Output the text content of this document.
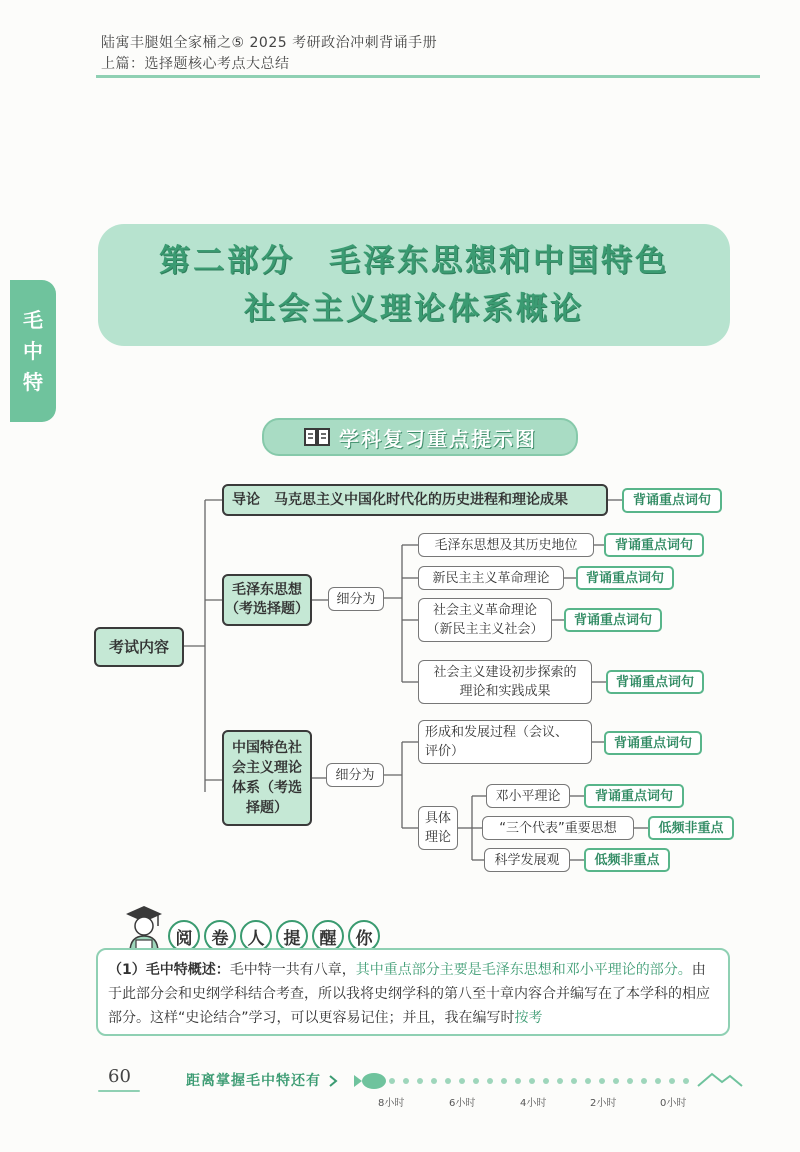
陆寓丰腿姐全家桶之⑤ 2025 考研政治冲刺背诵手册
上篇：选择题核心考点大总结
毛
中
特
第二部分　毛泽东思想和中国特色
社会主义理论体系概论
学科复习重点提示图
考试内容
导论　马克思主义中国化时代化的历史进程和理论成果	背诵重点词句
毛泽东思想
（考选择题）
细分为
毛泽东思想及其历史地位	背诵重点词句
新民主主义革命理论	背诵重点词句
社会主义革命理论
（新民主主义社会）
背诵重点词句
社会主义建设初步探索的
理论和实践成果
背诵重点词句
中国特色社
会主义理论
体系（考选
择题）
细分为
形成和发展过程（会议、
评价）
背诵重点词句
具体
理论
邓小平理论	背诵重点词句
“三个代表”重要思想	低频非重点
科学发展观	低频非重点
阅	卷	人	提	醒	你
（1）毛中特概述：毛中特一共有八章，其中重点部分主要是毛泽东思想和邓小平理论的部分。由于此部分会和史纲学科结合考查，所以我将史纲学科的第八至十章内容合并编写在了本学科的相应部分。这样“史论结合”学习，可以更容易记住；并且，我在编写时按考
60	距离掌握毛中特还有
8小时	6小时	4小时	2小时	0小时
